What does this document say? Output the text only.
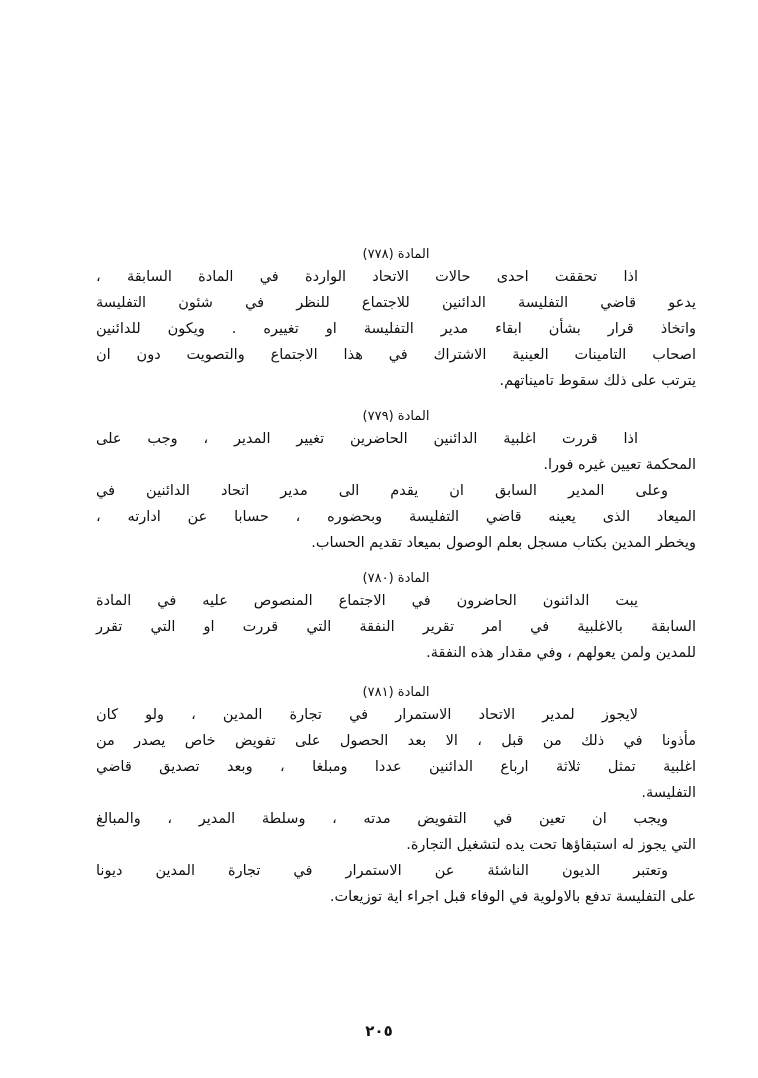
المادة (٧٧٨)
اذا تحققت احدى حالات الاتحاد الواردة في المادة السابقة ،
يدعو قاضي التفليسة الدائنين للاجتماع للنظر في شئون التفليسة
واتخاذ قرار بشأن ابقاء مدير التفليسة او تغييره . ويكون للدائنين
اصحاب التامينات العينية الاشتراك في هذا الاجتماع والتصويت دون ان
يترتب على ذلك سقوط تاميناتهم.
المادة (٧٧٩)
اذا قررت اغلبية الدائنين الحاضرين تغيير المدير ، وجب على
المحكمة تعيين غيره فورا.
وعلى المدير السابق ان يقدم الى مدير اتحاد الدائنين في
الميعاد الذى يعينه قاضي التفليسة وبحضوره ، حسابا عن ادارته ،
ويخطر المدين بكتاب مسجل بعلم الوصول بميعاد تقديم الحساب.
المادة (٧٨٠)
يبت الدائنون الحاضرون في الاجتماع المنصوص عليه في المادة
السابقة بالاغلبية في امر تقرير النفقة التي قررت او التي تقرر
للمدين ولمن يعولهم ، وفي مقدار هذه النفقة.
المادة (٧٨١)
لايجوز لمدير الاتحاد الاستمرار في تجارة المدين ، ولو كان
مأذونا في ذلك من قبل ، الا بعد الحصول على تفويض خاص يصدر من
اغلبية تمثل ثلاثة ارباع الدائنين عددا ومبلغا ، وبعد تصديق قاضي
التفليسة.
ويجب ان تعين في التفويض مدته ، وسلطة المدير ، والمبالغ
التي يجوز له استبقاؤها تحت يده لتشغيل التجارة.
وتعتبر الديون الناشئة عن الاستمرار في تجارة المدين ديونا
على التفليسة تدفع بالاولوية في الوفاء قبل اجراء اية توزيعات.
٢٠٥
